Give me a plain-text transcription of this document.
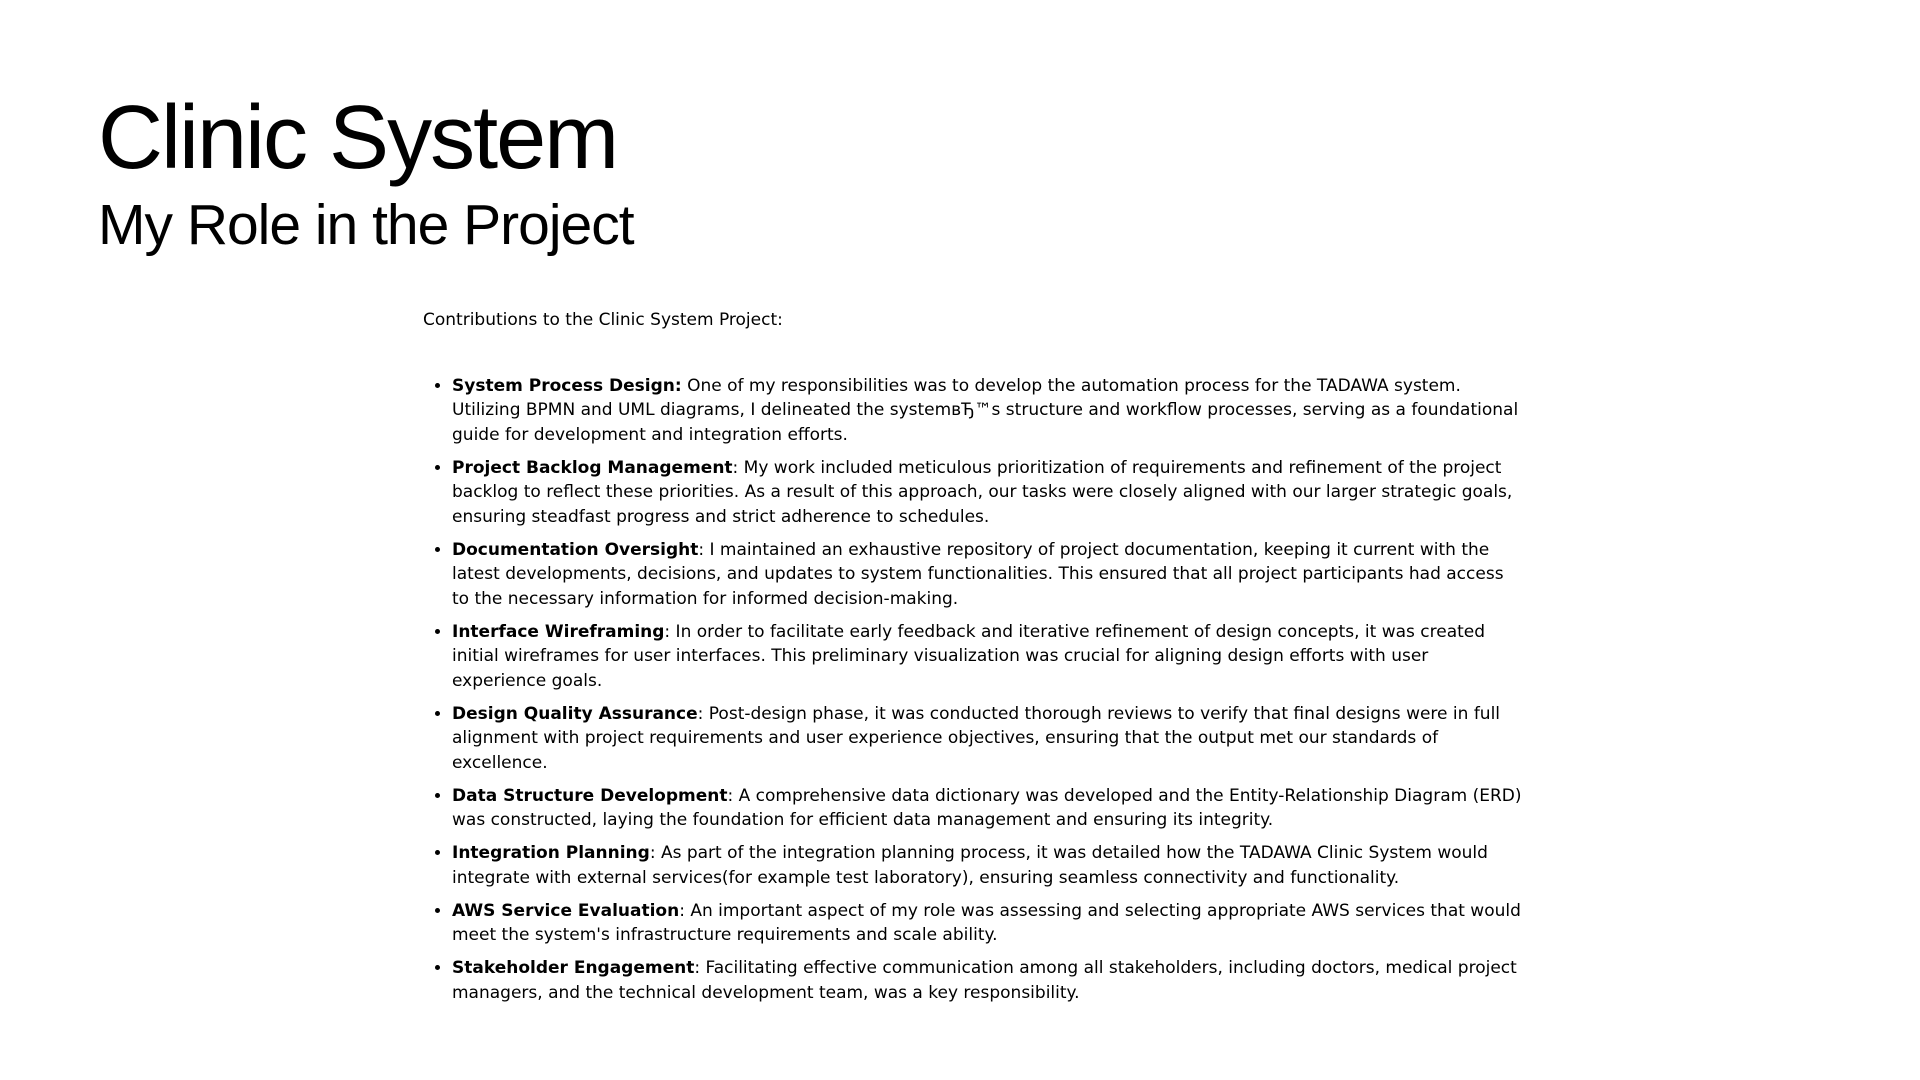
Clinic System
My Role in the Project

Contributions to the Clinic System Project:

• System Process Design: One of my responsibilities was to develop the automation process for the TADAWA system. Utilizing BPMN and UML diagrams, I delineated the systemвЂ™s structure and workflow processes, serving as a foundational guide for development and integration efforts.
• Project Backlog Management: My work included meticulous prioritization of requirements and refinement of the project backlog to reflect these priorities. As a result of this approach, our tasks were closely aligned with our larger strategic goals, ensuring steadfast progress and strict adherence to schedules.
• Documentation Oversight: I maintained an exhaustive repository of project documentation, keeping it current with the latest developments, decisions, and updates to system functionalities. This ensured that all project participants had access to the necessary information for informed decision-making.
• Interface Wireframing: In order to facilitate early feedback and iterative refinement of design concepts, it was created initial wireframes for user interfaces. This preliminary visualization was crucial for aligning design efforts with user experience goals.
• Design Quality Assurance: Post-design phase, it was conducted thorough reviews to verify that final designs were in full alignment with project requirements and user experience objectives, ensuring that the output met our standards of excellence.
• Data Structure Development: A comprehensive data dictionary was developed and the Entity-Relationship Diagram (ERD) was constructed, laying the foundation for efficient data management and ensuring its integrity.
• Integration Planning: As part of the integration planning process, it was detailed how the TADAWA Clinic System would integrate with external services(for example test laboratory), ensuring seamless connectivity and functionality.
• AWS Service Evaluation: An important aspect of my role was assessing and selecting appropriate AWS services that would meet the system's infrastructure requirements and scale ability.
• Stakeholder Engagement: Facilitating effective communication among all stakeholders, including doctors, medical project managers, and the technical development team, was a key responsibility.
